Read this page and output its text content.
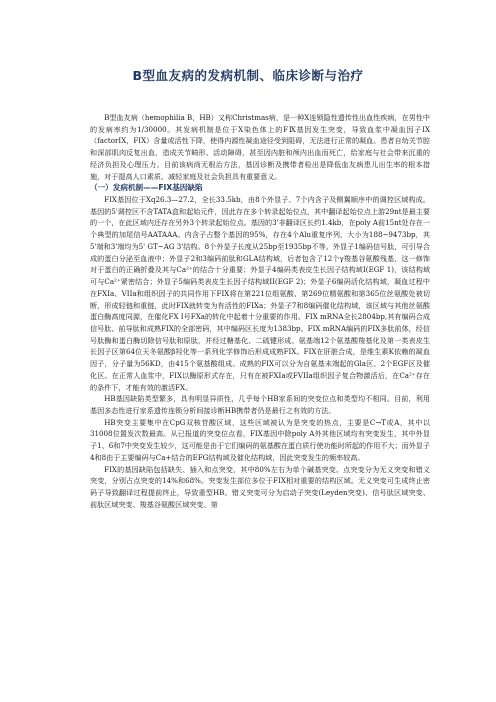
B型血友病的发病机制、临床诊断与治疗

B型血友病（hemophilia B，HB）又称Christmas病，是一种X连锁隐性遗传性出血性疾病，在男性中的发病率约为1/30000。其发病机制是位于X染色体上的FⅨ基因发生突变，导致血浆中凝血因子IX（factorIX，FIX）含量或活性下降，使得内源性凝血途径受到阻碍，无法进行正常的凝血。患者自幼关节腔和深部肌肉反复出血，造成关节畸形、活动障碍，甚至因内脏和颅内出血而死亡，给家庭与社会带来沉重的经济负担及心理压力。目前该病尚无根治方法，基因诊断及携带者检出是降低血友病患儿出生率的根本措施，对于提高人口素质、减轻家庭及社会负担具有重要意义。

（一）发病机制——FIX基因缺陷

FIX基因位于Xq26.3—27.2，全长33.5kb，由8个外显子、7个内含子及侧翼顺序中的调控区域构成。基因的5'调控区不含TATA盒和起始元件，因此存在多个转录起始位点，其中翻译起始位点上游29nt是最主要的一个，在此区域内还存在另外3个转录起始位点。基因的3'非翻译区长约1.4kb，在poly A前15nt处存在一个典型的加尾信号AATAAA。内含子占整个基因的95%，存在4个Alu重复序列，大小为188~9473bp，其5'端和3'端均为5' GT~AG 3'结构。8个外显子长度从25bp至1935bp不等。外显子1编码信号肽，可引导合成的蛋白分泌至血液中；外显子2和3编码前肽和GLA结构域，后者包含了12个γ羧基谷氨酸残基，这一修饰对于蛋白的正确折叠及其与Ca²⁺的结合十分重要；外显子4编码类表皮生长因子结构域I(EGF 1)，该结构域可与Ca²⁺紧密结合；外显子5编码类表皮生长因子结构域II(EGF 2)；外显子6编码活化结构域，凝血过程中在FXIa、VIIa和组织因子的共同作用下FIX将在第221位组氨酸、第269位精氨酸和第365位丝氨酸处被切断，形成轻链和重链，此时FIX就转变为有活性的FIXa；外显子7和8编码催化结构域，该区域与其他丝氨酸蛋白酶高度同源，在催化FX I号FXa的转化中起着十分重要的作用。FIX mRNA全长2804bp,其有编码合成信号肽、前导肽和成熟FIX的全部密码，其中编码区长度为1383bp。FIX mRNA编码的FIX多肽前体，经信号肽酶和蛋白酶切除信号肽和原肽，并经过糖基化、二硫键形成、氨基端12个氨基酸羧基化及第一类表皮生长因子区第64位天冬氨酸β羟化等一系列化学修饰后形成成熟FIX。FIX在肝脏合成，是维生素K依赖的凝血因子，分子量为56KD，由415个氨基酸组成。成熟的FIX可以分为自氨基末端起的Gla区、2个EGF区及催化区。在正常人血浆中，FIX以酶原形式存在，只有在被FXIa或FVIIa组织因子复合物激活后，在Ca²⁺存在的条件下，才能有效的激活FX。

HB基因缺陷类型繁多，具有明显异质性，几乎每个HB家系间的突变位点和类型均不相同。目前，利用基因多态性进行家系遗传连锁分析间接诊断HB携带者仍是最行之有效的方法。

HB突变主要集中在CpG双核苷酸区域，这些区域被认为是突变的热点，主要是C→T或A，其中以31008位置发次数最高。从已报道的突变位点看，FIX基因中除poly A外其他区域均有突变发生，其中外显子1、6和7中突变发生较少，这可能是由于它们编码的氨基酸在蛋白质行使功能时所起的作用不大；而外显子4和8由于主要编码与Ca+结合的EFG结构域及催化结构域，因此突变发生的频率较高。

FIX的基因缺陷包括缺失、插入和点突变，其中80%左右为单个碱基突变。点突变分为无义突变和错义突变，分别占点突变的14%和68%。突变发生部位多位于FIX相对重要的结构区域。无义突变可生成终止密码子导致翻译过程提前终止，导致重型HB。错义突变可分为启动子突变(Leyden突变)、信号肽区域突变、前肽区域突变、羧基谷氨酸区域突变、第
